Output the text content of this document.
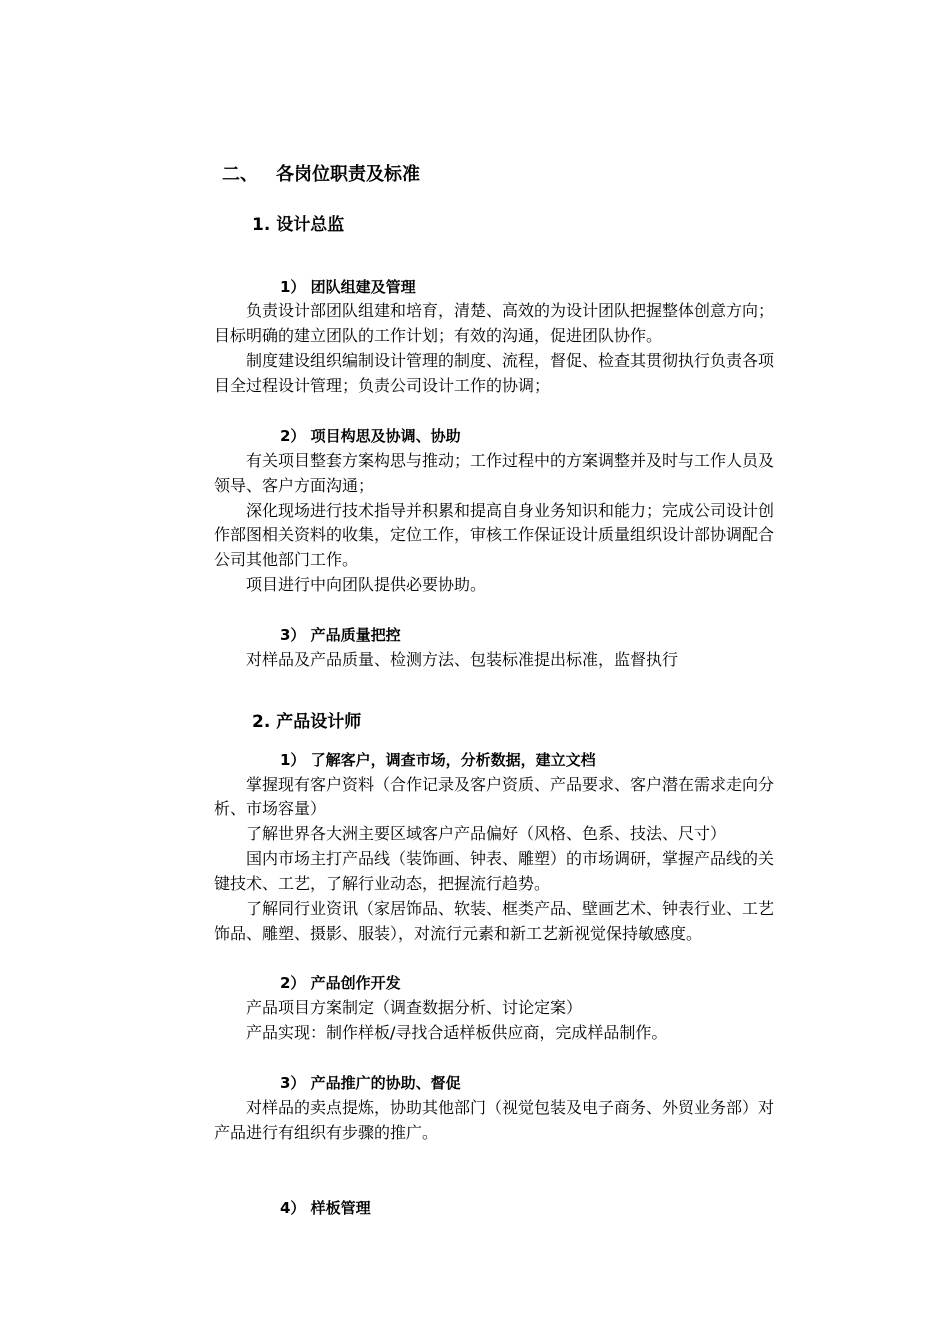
二、 各岗位职责及标准
1. 设计总监
1） 团队组建及管理
负责设计部团队组建和培育，清楚、高效的为设计团队把握整体创意方向；
目标明确的建立团队的工作计划；有效的沟通，促进团队协作。
制度建设组织编制设计管理的制度、流程，督促、检查其贯彻执行负责各项
目全过程设计管理；负责公司设计工作的协调；
2） 项目构思及协调、协助
有关项目整套方案构思与推动；工作过程中的方案调整并及时与工作人员及
领导、客户方面沟通；
深化现场进行技术指导并积累和提高自身业务知识和能力；完成公司设计创
作部图相关资料的收集，定位工作，审核工作保证设计质量组织设计部协调配合
公司其他部门工作。
项目进行中向团队提供必要协助。
3） 产品质量把控
对样品及产品质量、检测方法、包装标准提出标准，监督执行
2. 产品设计师
1） 了解客户，调查市场，分析数据，建立文档
掌握现有客户资料（合作记录及客户资质、产品要求、客户潜在需求走向分
析、市场容量）
了解世界各大洲主要区域客户产品偏好（风格、色系、技法、尺寸）
国内市场主打产品线（装饰画、钟表、雕塑）的市场调研，掌握产品线的关
键技术、工艺，了解行业动态，把握流行趋势。
了解同行业资讯（家居饰品、软装、框类产品、壁画艺术、钟表行业、工艺
饰品、雕塑、摄影、服装），对流行元素和新工艺新视觉保持敏感度。
2） 产品创作开发
产品项目方案制定（调查数据分析、讨论定案）
产品实现：制作样板/寻找合适样板供应商，完成样品制作。
3） 产品推广的协助、督促
对样品的卖点提炼，协助其他部门（视觉包装及电子商务、外贸业务部）对
产品进行有组织有步骤的推广。
4） 样板管理
